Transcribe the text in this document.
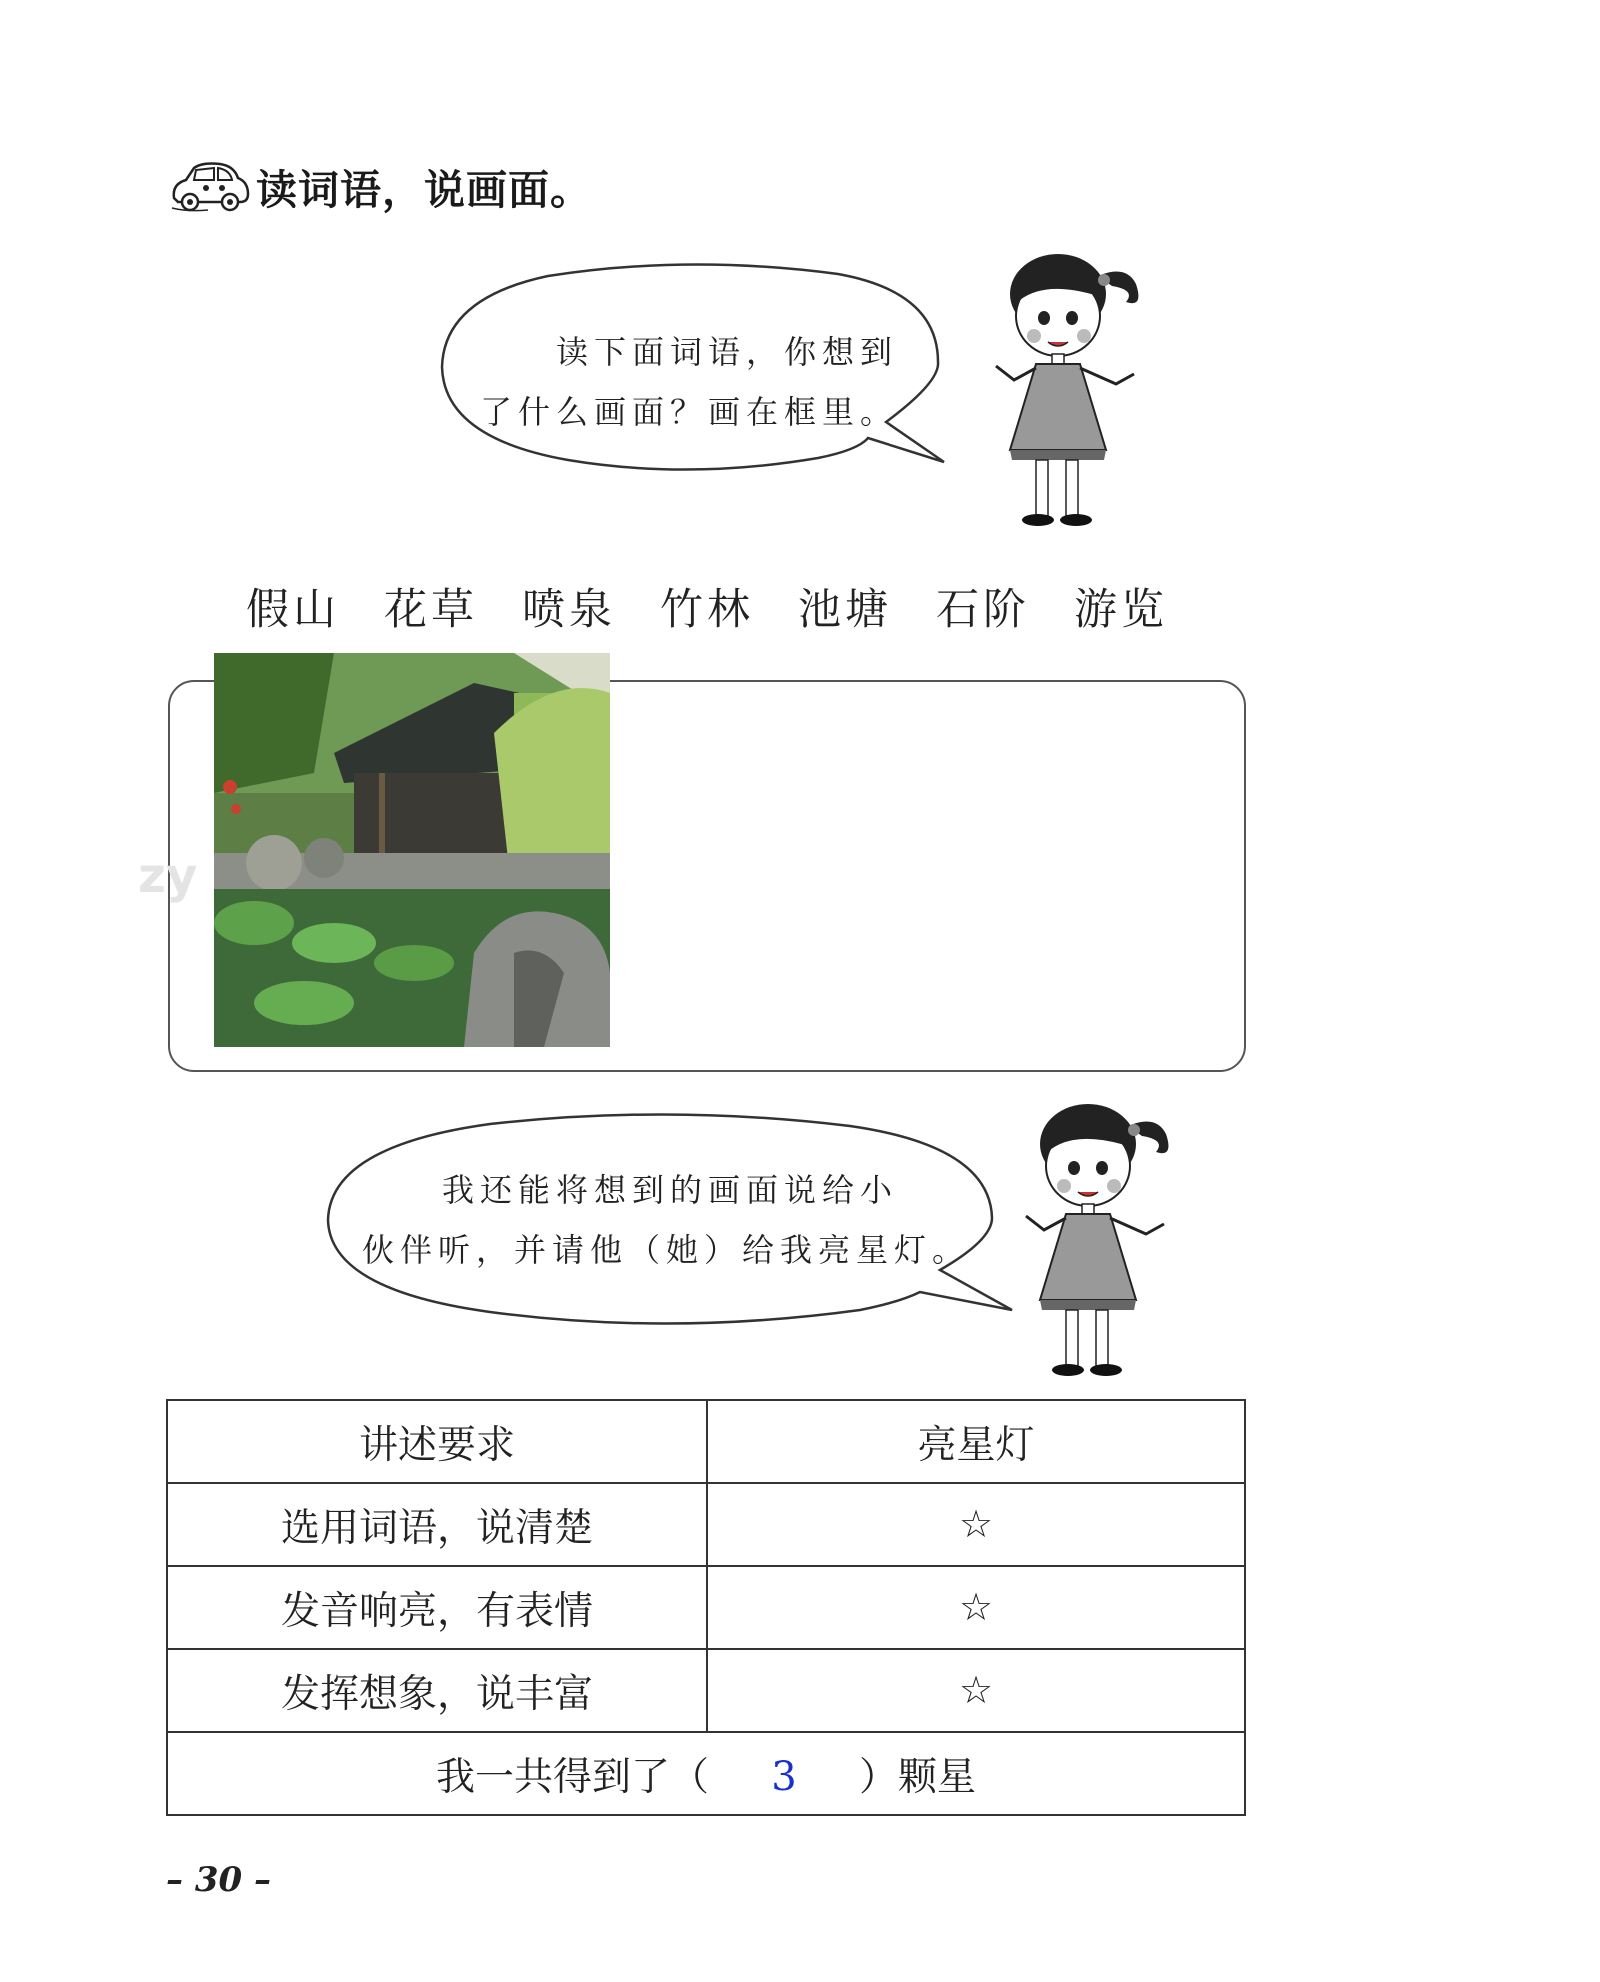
读词语，说画面。
读下面词语，你想到
了什么画面？画在框里。
假山	花草	喷泉	竹林	池塘	石阶	游览
zy
我还能将想到的画面说给小
伙伴听，并请他（她）给我亮星灯。
讲述要求	亮星灯
选用词语，说清楚	☆
发音响亮，有表情	☆
发挥想象，说丰富	☆
我一共得到了（ 3 ）颗星	
– 30 –
